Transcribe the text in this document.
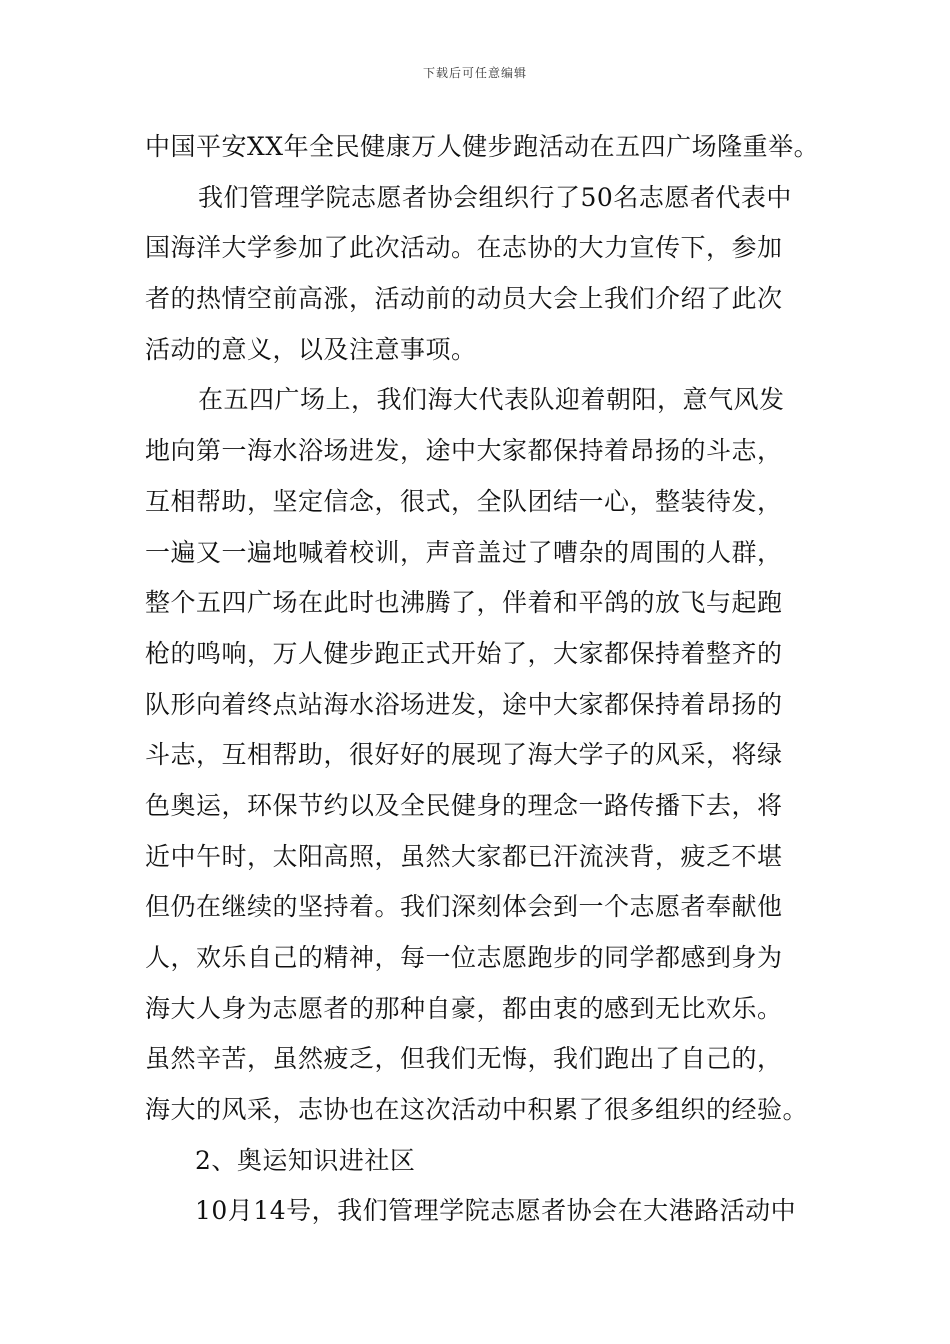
下载后可任意编辑
中国平安XX年全民健康万人健步跑活动在五四广场隆重举。
我们管理学院志愿者协会组织行了50名志愿者代表中
国海洋大学参加了此次活动。在志协的大力宣传下，参加
者的热情空前高涨，活动前的动员大会上我们介绍了此次
活动的意义，以及注意事项。
在五四广场上，我们海大代表队迎着朝阳，意气风发
地向第一海水浴场进发，途中大家都保持着昂扬的斗志，
互相帮助，坚定信念，很式，全队团结一心，整装待发，
一遍又一遍地喊着校训，声音盖过了嘈杂的周围的人群，
整个五四广场在此时也沸腾了，伴着和平鸽的放飞与起跑
枪的鸣响，万人健步跑正式开始了，大家都保持着整齐的
队形向着终点站海水浴场进发，途中大家都保持着昂扬的
斗志，互相帮助，很好好的展现了海大学子的风采，将绿
色奥运，环保节约以及全民健身的理念一路传播下去，将
近中午时，太阳高照，虽然大家都已汗流浃背，疲乏不堪
但仍在继续的坚持着。我们深刻体会到一个志愿者奉献他
人，欢乐自己的精神，每一位志愿跑步的同学都感到身为
海大人身为志愿者的那种自豪，都由衷的感到无比欢乐。
虽然辛苦，虽然疲乏，但我们无悔，我们跑出了自己的，
海大的风采，志协也在这次活动中积累了很多组织的经验。
2、奥运知识进社区
10月14号，我们管理学院志愿者协会在大港路活动中
